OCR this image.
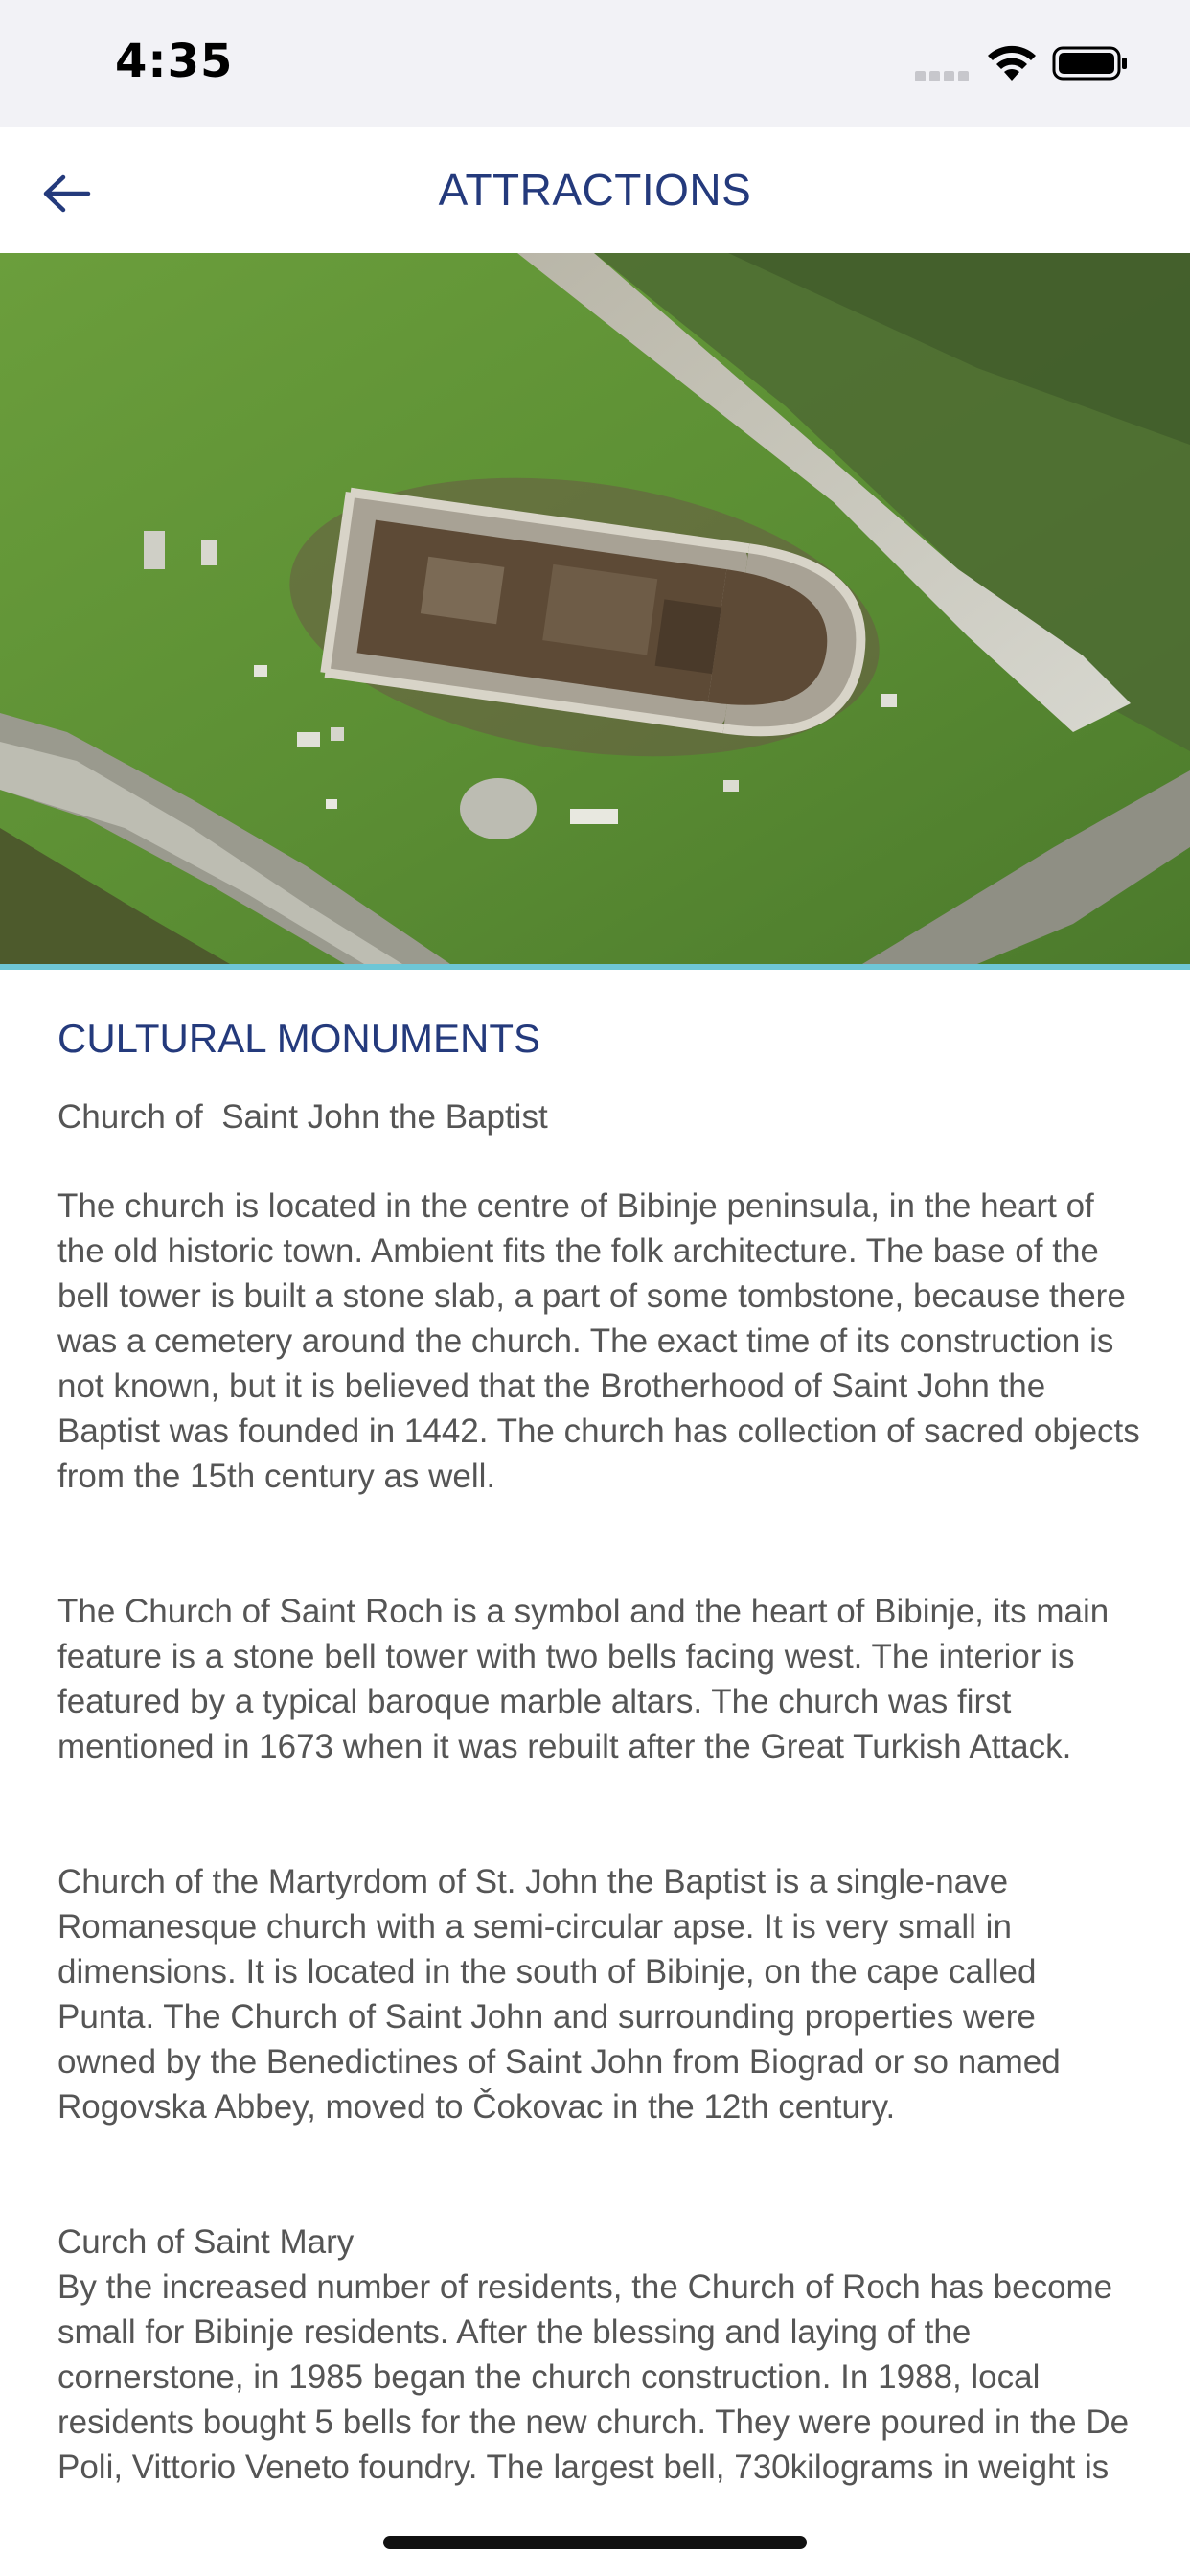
4:35
ATTRACTIONS
CULTURAL MONUMENTS
Church of  Saint John the Baptist

The church is located in the centre of Bibinje peninsula, in the heart of the old historic town. Ambient fits the folk architecture. The base of the bell tower is built a stone slab, a part of some tombstone, because there was a cemetery around the church. The exact time of its construction is not known, but it is believed that the Brotherhood of Saint John the Baptist was founded in 1442. The church has collection of sacred objects from the 15th century as well.

The Church of Saint Roch is a symbol and the heart of Bibinje, its main feature is a stone bell tower with two bells facing west. The interior is featured by a typical baroque marble altars. The church was first mentioned in 1673 when it was rebuilt after the Great Turkish Attack.

Church of the Martyrdom of St. John the Baptist is a single-nave Romanesque church with a semi-circular apse. It is very small in dimensions. It is located in the south of Bibinje, on the cape called Punta. The Church of Saint John and surrounding properties were owned by the Benedictines of Saint John from Biograd or so named Rogovska Abbey, moved to Čokovac in the 12th century.

Curch of Saint Mary

By the increased number of residents, the Church of Roch has become small for Bibinje residents. After the blessing and laying of the cornerstone, in 1985 began the church construction. In 1988, local residents bought 5 bells for the new church. They were poured in the De Poli, Vittorio Veneto foundry. The largest bell, 730kilograms in weight is
